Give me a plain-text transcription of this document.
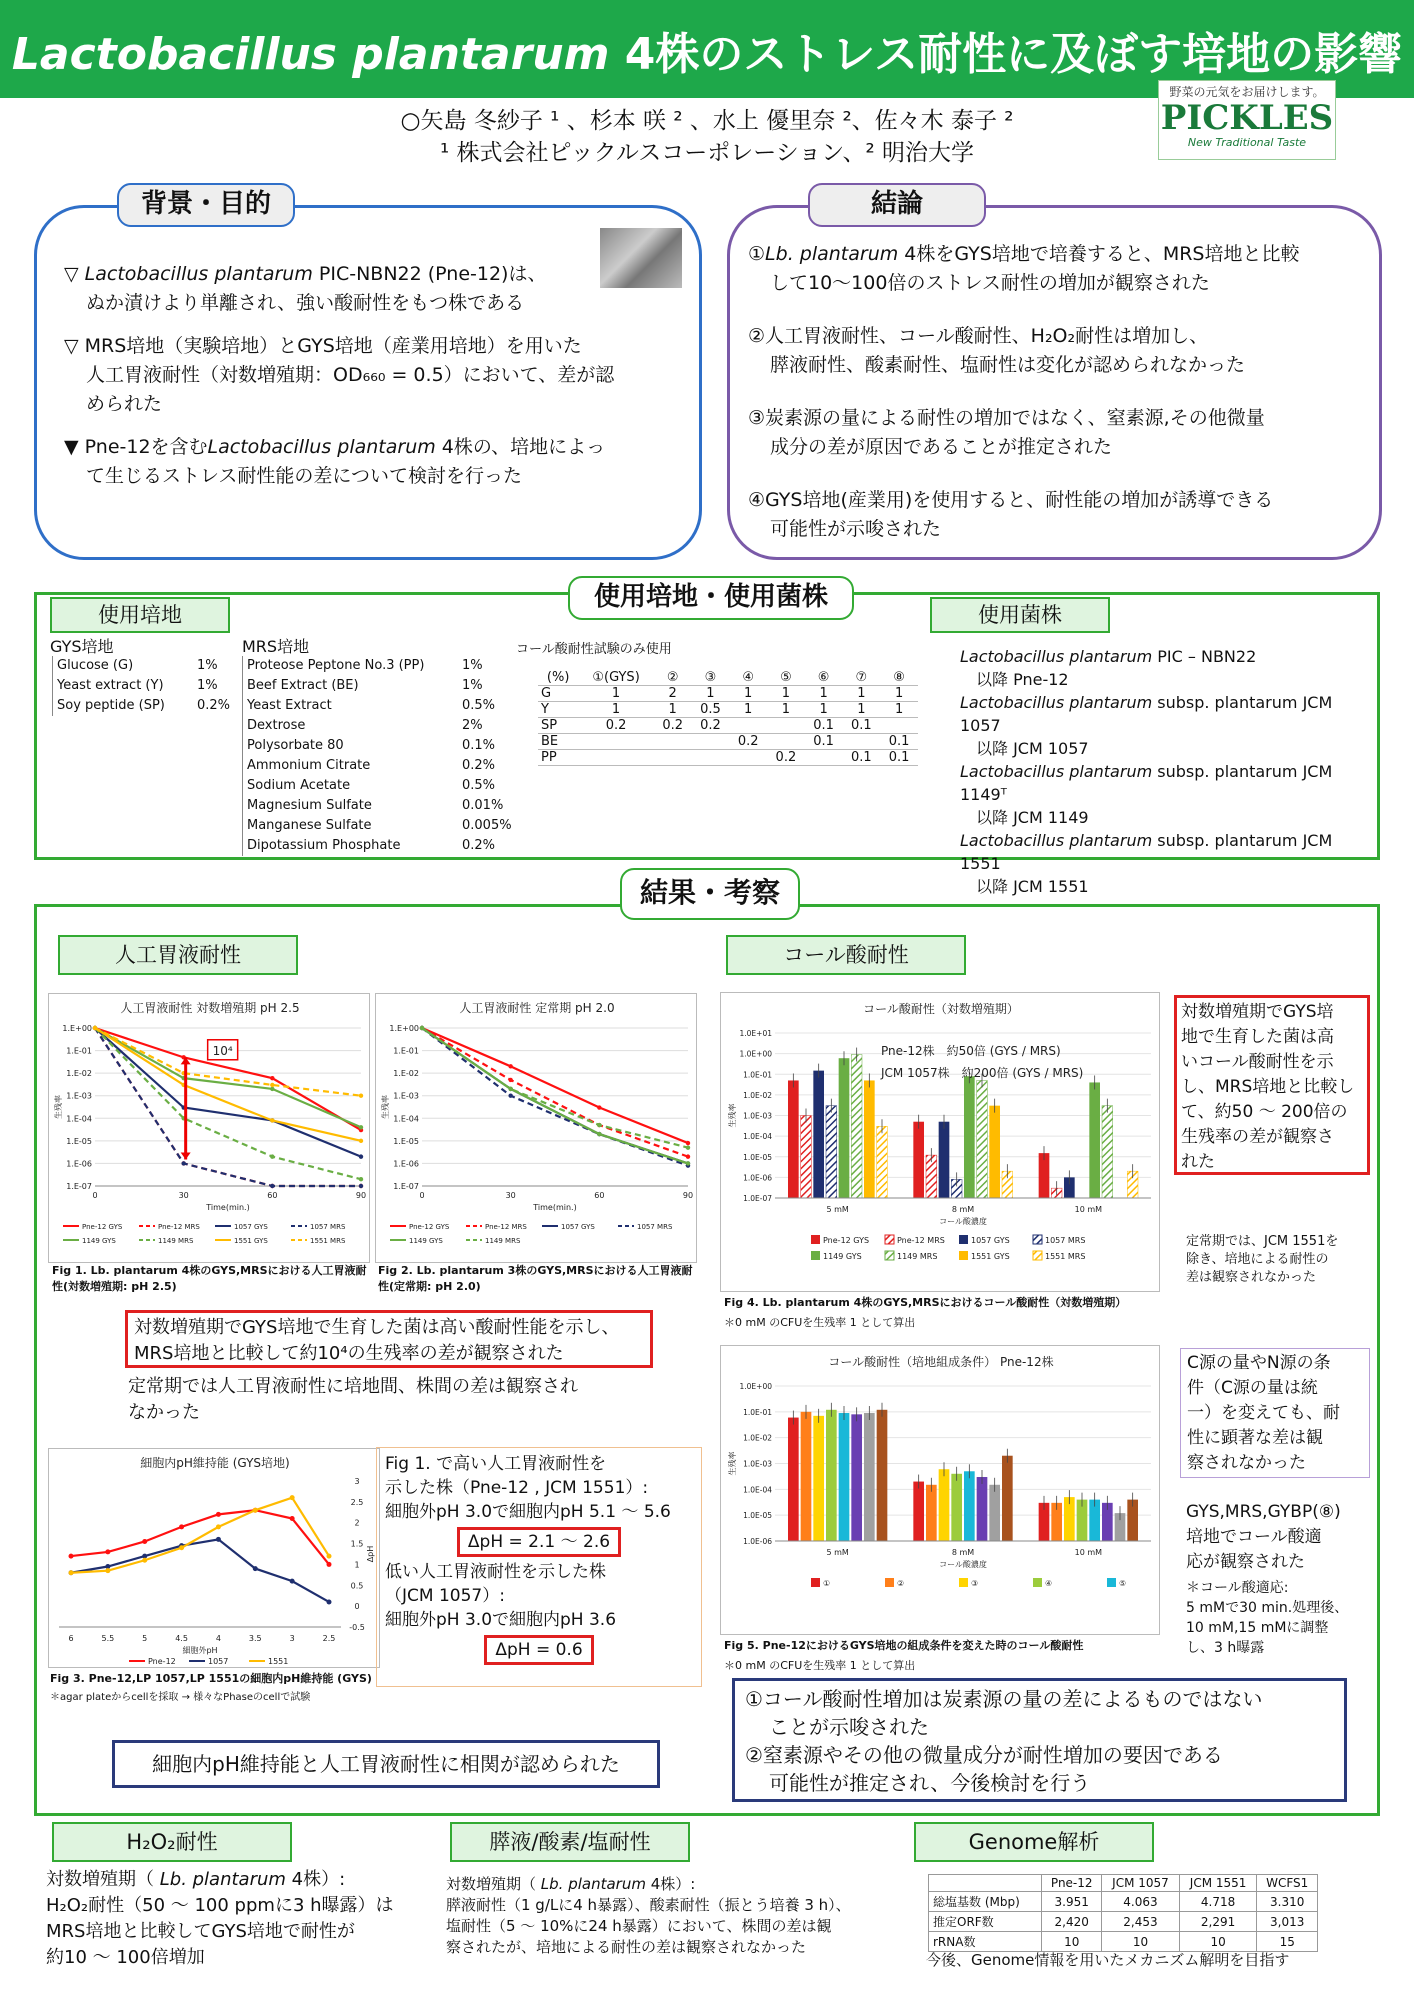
Lactobacillus plantarum 4株のストレス耐性に及ぼす培地の影響
○矢島 冬紗子 ¹ 、杉本 咲 ² 、水上 優里奈 ²、佐々木 泰子 ²
¹ 株式会社ピックルスコーポレーション、² 明治大学
野菜の元気をお届けします。
PICKLES
New Traditional Taste
背景・目的
▽ Lactobacillus plantarum PIC-NBN22 (Pne-12)は、
ぬか漬けより単離され、強い酸耐性をもつ株である
▽ MRS培地（実験培地）とGYS培地（産業用培地）を用いた
人工胃液耐性（対数増殖期：OD₆₆₀ = 0.5）において、差が認
められた
▼ Pne-12を含むLactobacillus plantarum 4株の、培地によっ
て生じるストレス耐性能の差について検討を行った
結論
①Lb. plantarum 4株をGYS培地で培養すると、MRS培地と比較
して10～100倍のストレス耐性の増加が観察された
②人工胃液耐性、コール酸耐性、H₂O₂耐性は増加し、
膵液耐性、酸素耐性、塩耐性は変化が認められなかった
③炭素源の量による耐性の増加ではなく、窒素源,その他微量
成分の差が原因であることが推定された
④GYS培地(産業用)を使用すると、耐性能の増加が誘導できる
可能性が示唆された
使用培地・使用菌株
使用培地	使用菌株
GYS培地
Glucose (G)	1%
Yeast extract (Y)	1%
Soy peptide (SP)	0.2%
MRS培地
Proteose Peptone No.3 (PP)	1%
Beef Extract (BE)	1%
Yeast Extract	0.5%
Dextrose	2%
Polysorbate 80	0.1%
Ammonium Citrate	0.2%
Sodium Acetate	0.5%
Magnesium Sulfate	0.01%
Manganese Sulfate	0.005%
Dipotassium Phosphate	0.2%
コール酸耐性試験のみ使用
(%)	①(GYS)	②	③	④	⑤	⑥	⑦	⑧
G	1	2	1	1	1	1	1	1
Y	1	1	0.5	1	1	1	1	1
SP	0.2	0.2	0.2			0.1	0.1	
BE				0.2		0.1		0.1
PP					0.2		0.1	0.1
Lactobacillus plantarum PIC – NBN22
以降 Pne-12
Lactobacillus plantarum subsp. plantarum JCM 1057
以降 JCM 1057
Lactobacillus plantarum subsp. plantarum JCM 1149ᵀ
以降 JCM 1149
Lactobacillus plantarum subsp. plantarum JCM 1551
以降 JCM 1551
結果・考察
人工胃液耐性	コール酸耐性
人工胃液耐性 対数増殖期 pH 2.5
1.E+00
1.E-01
1.E-02
1.E-03
1.E-04
1.E-05
1.E-06
1.E-07
0	30	60	90
Time(min.)
生残率
10⁴
Pne-12 GYS	Pne-12 MRS	1057 GYS	1057 MRS
1149 GYS	1149 MRS	1551 GYS	1551 MRS
Fig 1. Lb. plantarum 4株のGYS,MRSにおける人工胃液耐性(対数増殖期: pH 2.5)
人工胃液耐性 定常期 pH 2.0
1.E+00
1.E-01
1.E-02
1.E-03
1.E-04
1.E-05
1.E-06
1.E-07
0	30	60	90
Time(min.)
生残率
Pne-12 GYS	Pne-12 MRS	1057 GYS	1057 MRS
1149 GYS	1149 MRS
Fig 2. Lb. plantarum 3株のGYS,MRSにおける人工胃液耐性(定常期: pH 2.0)
対数増殖期でGYS培地で生育した菌は高い酸耐性能を示し、
MRS培地と比較して約10⁴の生残率の差が観察された
定常期では人工胃液耐性に培地間、株間の差は観察され
なかった
細胞内pH維持能 (GYS培地)
3
2.5
2
1.5
1
0.5
0
-0.5
ΔpH
6	5.5	5	4.5	4	3.5	3	2.5
細胞外pH
Pne-12	1057	1551
Fig 3. Pne-12,LP 1057,LP 1551の細胞内pH維持能 (GYS)
＊agar plateからcellを採取 → 様々なPhaseのcellで試験
Fig 1. で高い人工胃液耐性を
示した株（Pne-12 , JCM 1551）:
細胞外pH 3.0で細胞内pH 5.1 ～ 5.6
ΔpH = 2.1 ～ 2.6
低い人工胃液耐性を示した株
（JCM 1057）:
細胞外pH 3.0で細胞内pH 3.6
ΔpH = 0.6
細胞内pH維持能と人工胃液耐性に相関が認められた
コール酸耐性（対数増殖期）
1.0E+01
1.0E+00
1.0E-01
1.0E-02
1.0E-03
1.0E-04
1.0E-05
1.0E-06
1.0E-07
生残率
5 mM	8 mM	10 mM
コール酸濃度
Pne-12 GYS	Pne-12 MRS	1057 GYS	1057 MRS
1149 GYS	1149 MRS	1551 GYS	1551 MRS
Pne-12株　約50倍 (GYS / MRS)
JCM 1057株　約200倍 (GYS / MRS)
Fig 4. Lb. plantarum 4株のGYS,MRSにおけるコール酸耐性（対数増殖期）
＊0 mM のCFUを生残率 1 として算出
対数増殖期でGYS培
地で生育した菌は高
いコール酸耐性を示
し、MRS培地と比較し
て、約50 ～ 200倍の
生残率の差が観察さ
れた
定常期では、JCM 1551を
除き、培地による耐性の
差は観察されなかった
コール酸耐性（培地組成条件） Pne-12株
1.0E+00
1.0E-01
1.0E-02
1.0E-03
1.0E-04
1.0E-05
1.0E-06
生残率
5 mM	8 mM	10 mM
コール酸濃度
①	②	③	④	⑤
Fig 5. Pne-12におけるGYS培地の組成条件を変えた時のコール酸耐性
＊0 mM のCFUを生残率 1 として算出
C源の量やN源の条
件（C源の量は統
一）を変えても、耐
性に顕著な差は観
察されなかった
GYS,MRS,GYBP(⑧)
培地でコール酸適
応が観察された
＊コール酸適応:
5 mMで30 min.処理後、
10 mM,15 mMに調整
し、3 h曝露
①コール酸耐性増加は炭素源の量の差によるものではない
ことが示唆された
②窒素源やその他の微量成分が耐性増加の要因である
可能性が推定され、今後検討を行う
H₂O₂耐性
対数増殖期（ Lb. plantarum 4株）:
H₂O₂耐性（50 ～ 100 ppmに3 h曝露）は
MRS培地と比較してGYS培地で耐性が
約10 ～ 100倍増加
膵液/酸素/塩耐性
対数増殖期（ Lb. plantarum 4株）:
膵液耐性（1 g/Lに4 h暴露）、酸素耐性（振とう培養 3 h）、
塩耐性（5 ～ 10%に24 h暴露）において、株間の差は観
察されたが、培地による耐性の差は観察されなかった
Genome解析
	Pne-12	JCM 1057	JCM 1551	WCFS1
総塩基数 (Mbp)	3.951	4.063	4.718	3.310
推定ORF数	2,420	2,453	2,291	3,013
rRNA数	10	10	10	15
今後、Genome情報を用いたメカニズム解明を目指す
